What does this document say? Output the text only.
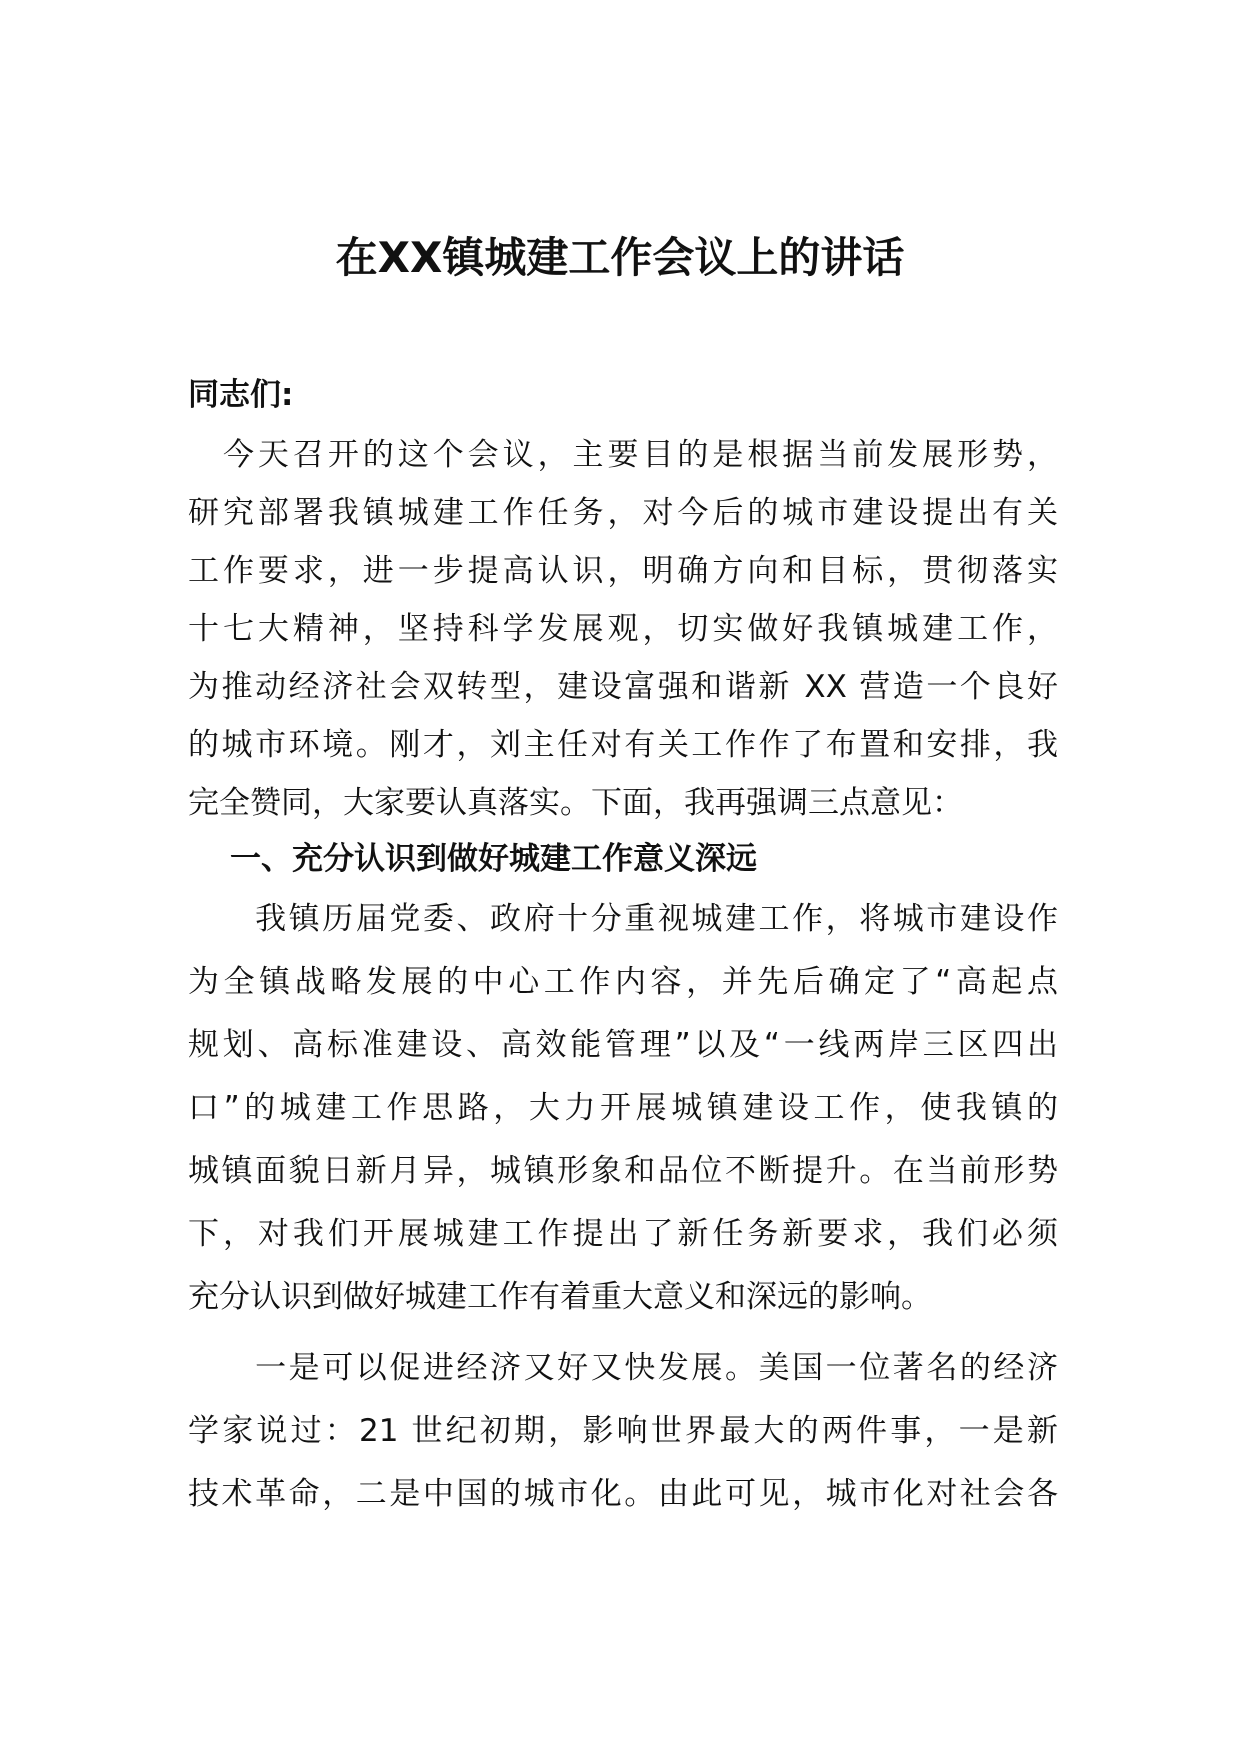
在XX镇城建工作会议上的讲话

同志们:

　今天召开的这个会议，主要目的是根据当前发展形势，

研究部署我镇城建工作任务，对今后的城市建设提出有关

工作要求，进一步提高认识，明确方向和目标，贯彻落实

十七大精神，坚持科学发展观，切实做好我镇城建工作，

为推动经济社会双转型，建设富强和谐新 XX 营造一个良好

的城市环境。刚才，刘主任对有关工作作了布置和安排，我

完全赞同，大家要认真落实。下面，我再强调三点意见：

一、充分认识到做好城建工作意义深远

　　我镇历届党委、政府十分重视城建工作，将城市建设作

为全镇战略发展的中心工作内容，并先后确定了“高起点

规划、高标准建设、高效能管理”以及“一线两岸三区四出

口”的城建工作思路，大力开展城镇建设工作，使我镇的

城镇面貌日新月异，城镇形象和品位不断提升。在当前形势

下，对我们开展城建工作提出了新任务新要求，我们必须

充分认识到做好城建工作有着重大意义和深远的影响。

　　一是可以促进经济又好又快发展。美国一位著名的经济

学家说过：21 世纪初期，影响世界最大的两件事，一是新

技术革命，二是中国的城市化。由此可见，城市化对社会各
